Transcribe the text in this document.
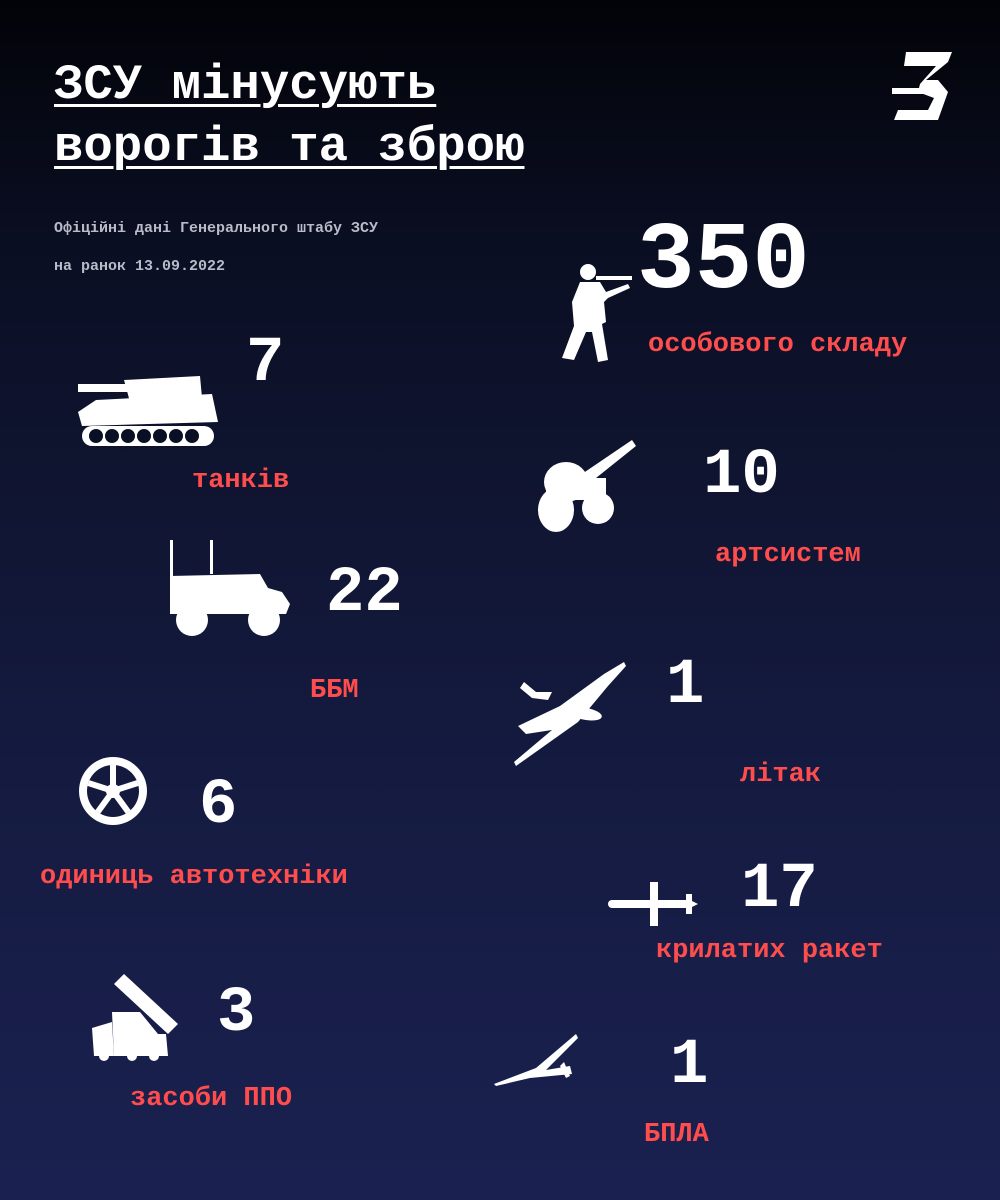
ЗСУ мінусують
ворогів та зброю
Офіційні дані Генерального штабу ЗСУ
на ранок 13.09.2022	350
особового складу
7
танків	10
артсистем
22
ББМ	1
літак
6
одиниць автотехніки	17
крилатих ракет
3
засоби ППО	1
БПЛА
